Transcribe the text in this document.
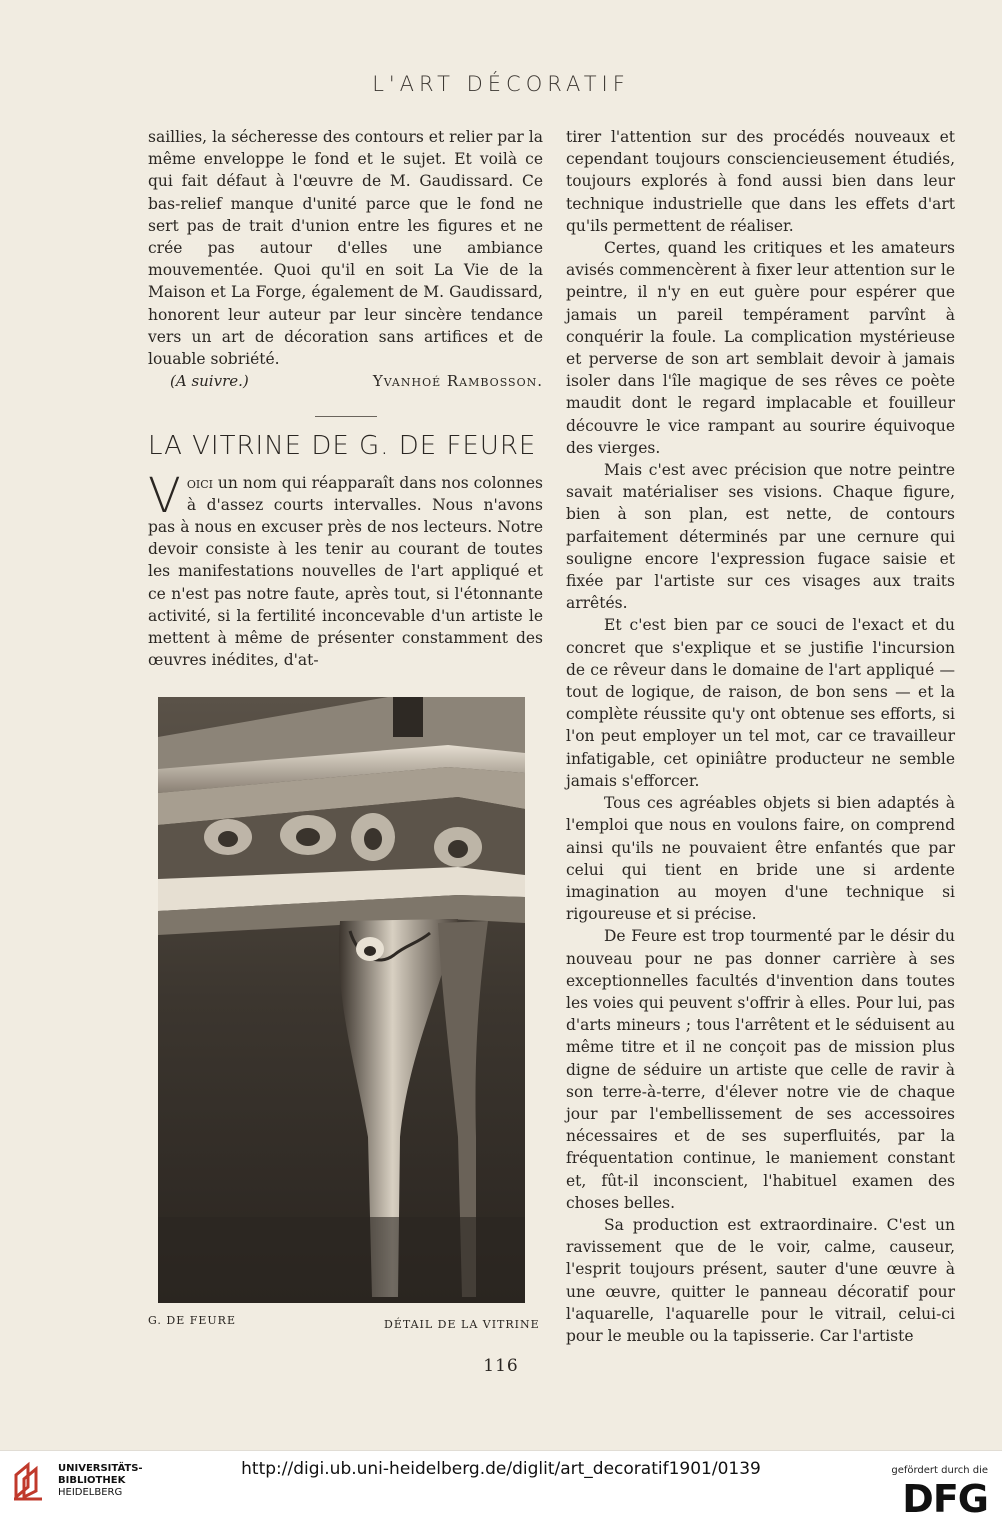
L'ART DÉCORATIF

saillies, la sécheresse des contours et relier par la même enveloppe le fond et le sujet. Et voilà ce qui fait défaut à l'œuvre de M. Gaudissard. Ce bas-relief manque d'unité parce que le fond ne sert pas de trait d'union entre les figures et ne crée pas autour d'elles une ambiance mouvementée. Quoi qu'il en soit La Vie de la Maison et La Forge, également de M. Gaudissard, honorent leur auteur par leur sincère tendance vers un art de décoration sans artifices et de louable sobriété.

(A suivre.)	Yvanhoé Rambosson.
LA VITRINE DE G. DE FEURE

Voici un nom qui réapparaît dans nos colonnes à d'assez courts intervalles. Nous n'avons pas à nous en excuser près de nos lecteurs. Notre devoir consiste à les tenir au courant de toutes les manifestations nouvelles de l'art appliqué et ce n'est pas notre faute, après tout, si l'étonnante activité, si la fertilité inconcevable d'un artiste le mettent à même de présenter constamment des œuvres inédites, d'at-

G. DE FEURE	DÉTAIL DE LA VITRINE

tirer l'attention sur des procédés nouveaux et cependant toujours consciencieusement étudiés, toujours explorés à fond aussi bien dans leur technique industrielle que dans les effets d'art qu'ils permettent de réaliser.

Certes, quand les critiques et les amateurs avisés commencèrent à fixer leur attention sur le peintre, il n'y en eut guère pour espérer que jamais un pareil tempérament parvînt à conquérir la foule. La complication mystérieuse et perverse de son art semblait devoir à jamais isoler dans l'île magique de ses rêves ce poète maudit dont le regard implacable et fouilleur découvre le vice rampant au sourire équivoque des vierges.

Mais c'est avec précision que notre peintre savait matérialiser ses visions. Chaque figure, bien à son plan, est nette, de contours parfaitement déterminés par une cernure qui souligne encore l'expression fugace saisie et fixée par l'artiste sur ces visages aux traits arrêtés.

Et c'est bien par ce souci de l'exact et du concret que s'explique et se justifie l'incursion de ce rêveur dans le domaine de l'art appliqué — tout de logique, de raison, de bon sens — et la complète réussite qu'y ont obtenue ses efforts, si l'on peut employer un tel mot, car ce travailleur infatigable, cet opiniâtre producteur ne semble jamais s'efforcer.

Tous ces agréables objets si bien adaptés à l'emploi que nous en voulons faire, on comprend ainsi qu'ils ne pouvaient être enfantés que par celui qui tient en bride une si ardente imagination au moyen d'une technique si rigoureuse et si précise.

De Feure est trop tourmenté par le désir du nouveau pour ne pas donner carrière à ses exceptionnelles facultés d'invention dans toutes les voies qui peuvent s'offrir à elles. Pour lui, pas d'arts mineurs ; tous l'arrêtent et le séduisent au même titre et il ne conçoit pas de mission plus digne de séduire un artiste que celle de ravir à son terre-à-terre, d'élever notre vie de chaque jour par l'embellissement de ses accessoires nécessaires et de ses superfluités, par la fréquentation continue, le maniement constant et, fût-il inconscient, l'habituel examen des choses belles.

Sa production est extraordinaire. C'est un ravissement que de le voir, calme, causeur, l'esprit toujours présent, sauter d'une œuvre à une œuvre, quitter le panneau décoratif pour l'aquarelle, l'aquarelle pour le vitrail, celui-ci pour le meuble ou la tapisserie. Car l'artiste

116
UNIVERSITÄTS-
BIBLIOTHEK
HEIDELBERG
http://digi.ub.uni-heidelberg.de/diglit/art_decoratif1901/0139	gefördert durch die
DFG
